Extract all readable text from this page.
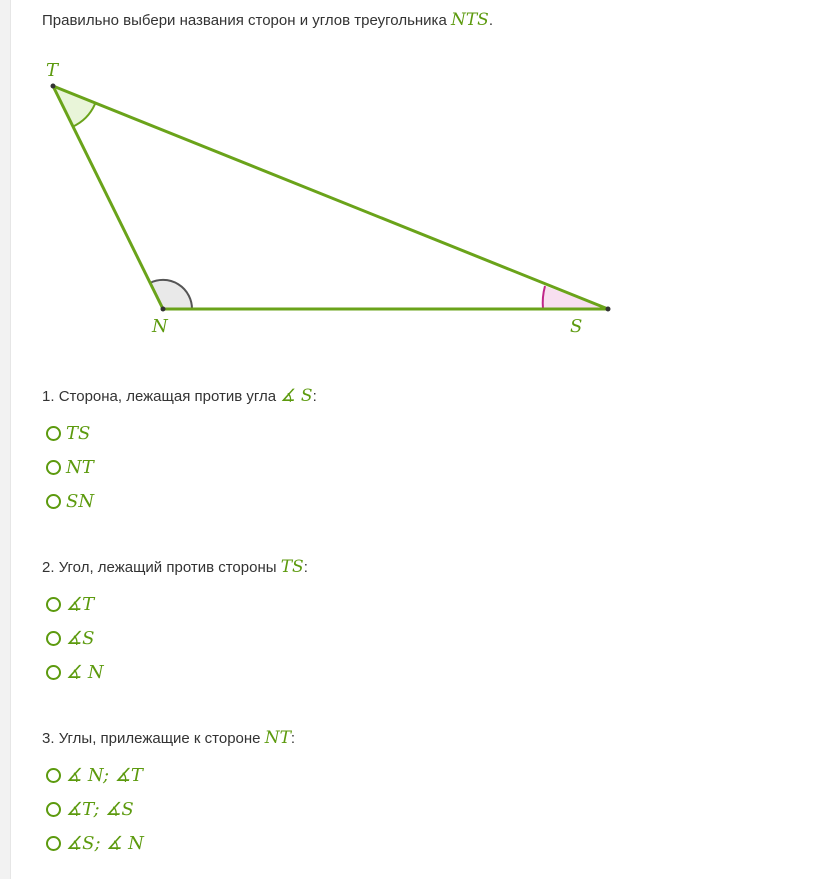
Правильно выбери названия сторон и углов треугольника NTS.
T
N	S
1. Сторона, лежащая против угла ∡ S:
TS
NT
SN
2. Угол, лежащий против стороны TS:
∡T
∡S
∡ N
3. Углы, прилежащие к стороне NT:
∡ N; ∡T
∡T; ∡S
∡S; ∡ N
